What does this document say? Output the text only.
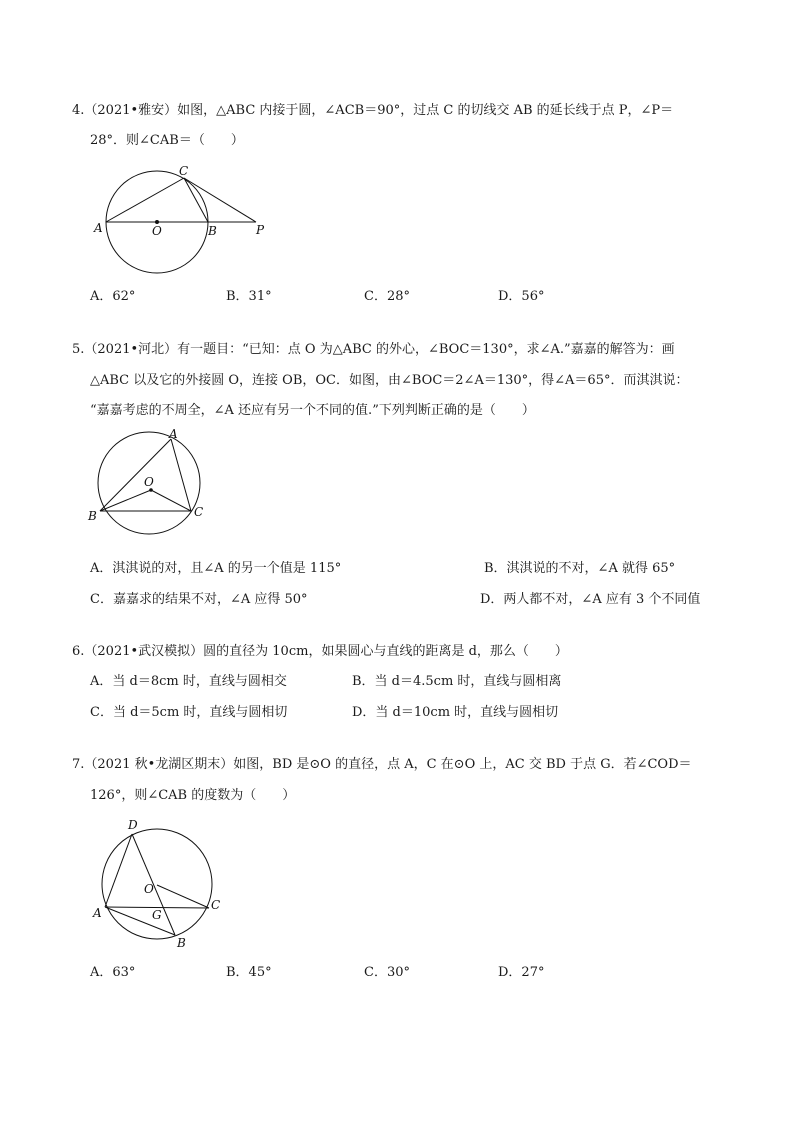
4.（2021•雅安）如图，△ABC 内接于圆，∠ACB＝90°，过点 C 的切线交 AB 的延长线于点 P，∠P＝
28°．则∠CAB＝（　　）
A	O	B
C
P
A．62°	B．31°	C．28°	D．56°
5.（2021•河北）有一题目：“已知：点 O 为△ABC 的外心，∠BOC＝130°，求∠A.”嘉嘉的解答为：画
△ABC 以及它的外接圆 O，连接 OB，OC．如图，由∠BOC＝2∠A＝130°，得∠A＝65°．而淇淇说：
“嘉嘉考虑的不周全，∠A 还应有另一个不同的值.”下列判断正确的是（　　）
A
O
B	C
A．淇淇说的对，且∠A 的另一个值是 115°	B．淇淇说的不对，∠A 就得 65°
C．嘉嘉求的结果不对，∠A 应得 50°	D．两人都不对，∠A 应有 3 个不同值
6.（2021•武汉模拟）圆的直径为 10cm，如果圆心与直线的距离是 d，那么（　　）
A．当 d＝8cm 时，直线与圆相交	B．当 d＝4.5cm 时，直线与圆相离
C．当 d＝5cm 时，直线与圆相切	D．当 d＝10cm 时，直线与圆相切
7.（2021 秋•龙湖区期末）如图，BD 是⊙O 的直径，点 A，C 在⊙O 上，AC 交 BD 于点 G．若∠COD＝
126°，则∠CAB 的度数为（　　）
D
O
A	G
C
B
A．63°	B．45°	C．30°	D．27°
